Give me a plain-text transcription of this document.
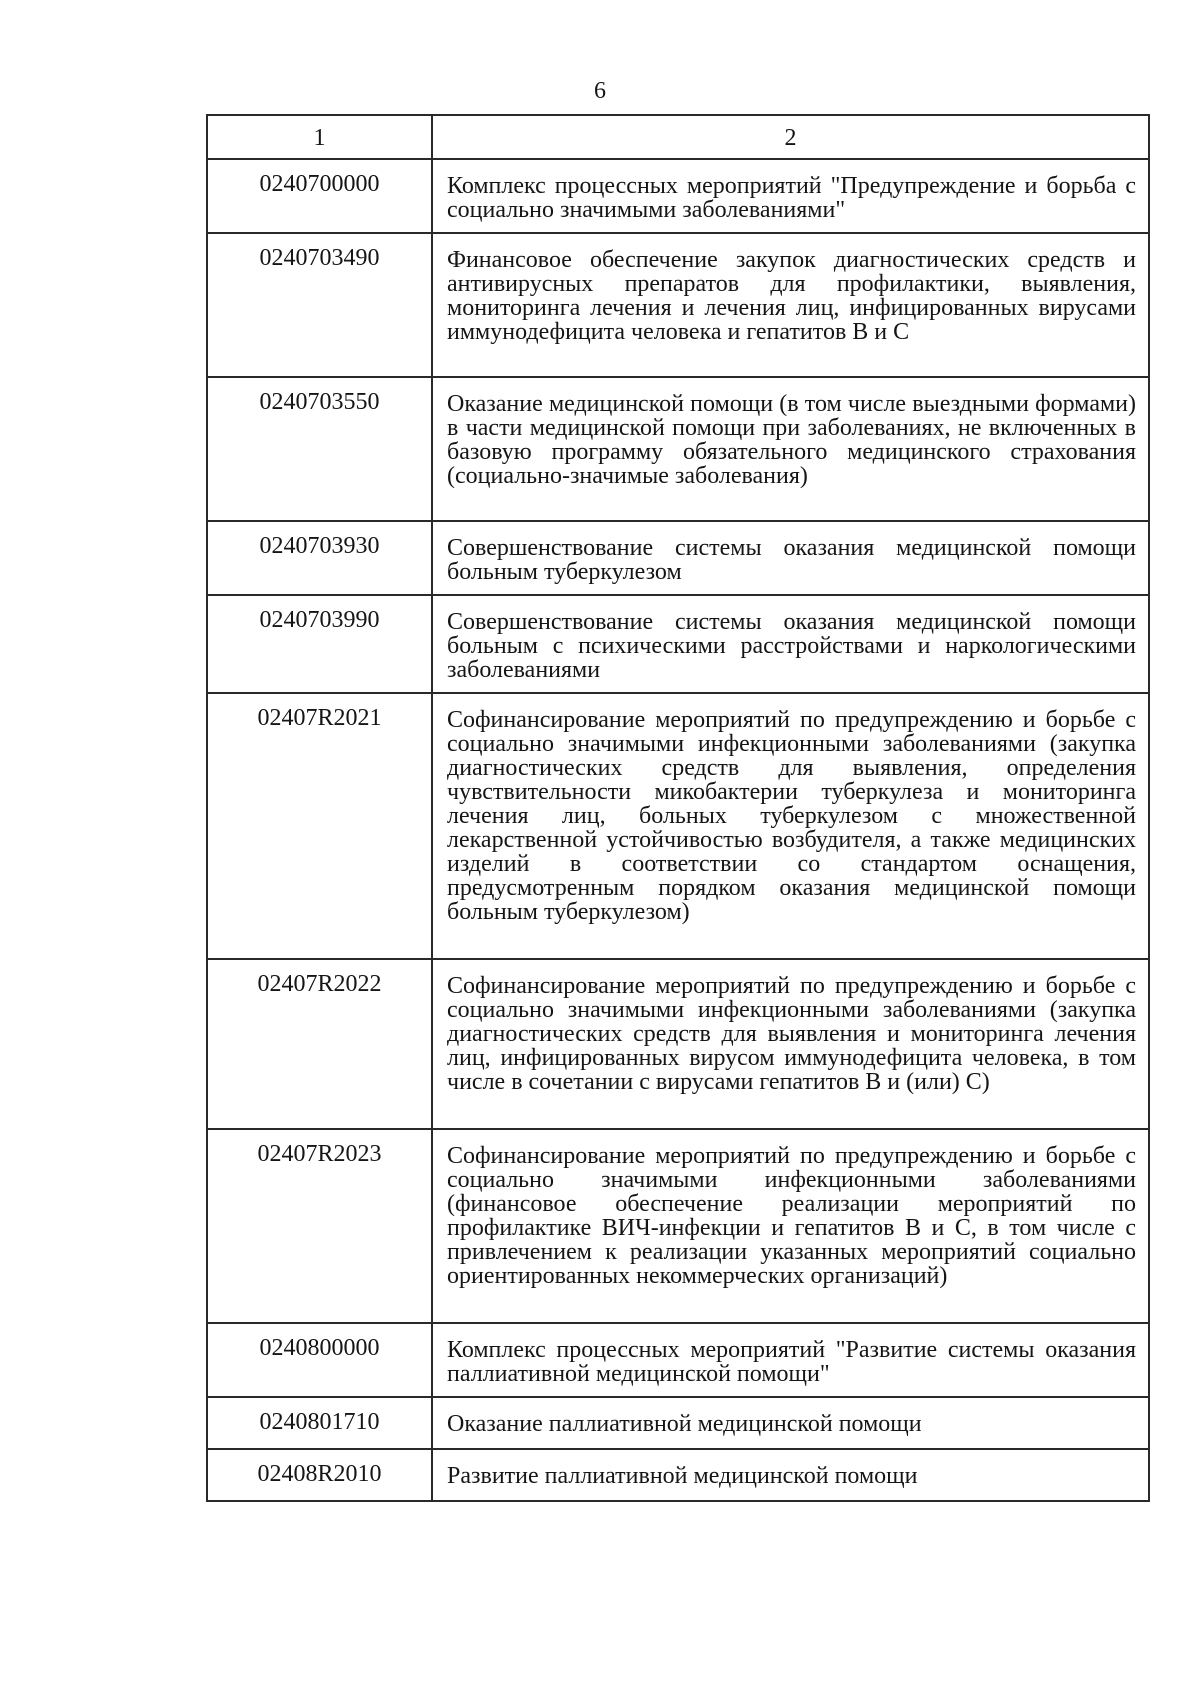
6
1	2
0240700000	Комплекс процессных мероприятий "Предупреждение и борьба с социально значимыми заболеваниями"
0240703490	Финансовое обеспечение закупок диагностических средств и антивирусных препаратов для профилактики, выявления, мониторинга лечения и лечения лиц, инфицированных вирусами иммунодефицита человека и гепатитов B и C
0240703550	Оказание медицинской помощи (в том числе выездными формами) в части медицинской помощи при заболеваниях, не включенных в базовую программу обязательного медицинского страхования (социально-значимые заболевания)
0240703930	Совершенствование системы оказания медицинской помощи больным туберкулезом
0240703990	Совершенствование системы оказания медицинской помощи больным с психическими расстройствами и наркологическими заболеваниями
02407R2021	Софинансирование мероприятий по предупреждению и борьбе с социально значимыми инфекционными заболеваниями (закупка диагностических средств для выявления, определения чувствительности микобактерии туберкулеза и мониторинга лечения лиц, больных туберкулезом с множественной лекарственной устойчивостью возбудителя, а также медицинских изделий в соответствии со стандартом оснащения, предусмотренным порядком оказания медицинской помощи больным туберкулезом)
02407R2022	Софинансирование мероприятий по предупреждению и борьбе с социально значимыми инфекционными заболеваниями (закупка диагностических средств для выявления и мониторинга лечения лиц, инфицированных вирусом иммунодефицита человека, в том числе в сочетании с вирусами гепатитов B и (или) C)
02407R2023	Софинансирование мероприятий по предупреждению и борьбе с социально значимыми инфекционными заболеваниями (финансовое обеспечение реализации мероприятий по профилактике ВИЧ-инфекции и гепатитов B и C, в том числе с привлечением к реализации указанных мероприятий социально ориентированных некоммерческих организаций)
0240800000	Комплекс процессных мероприятий "Развитие системы оказания паллиативной медицинской помощи"
0240801710	Оказание паллиативной медицинской помощи
02408R2010	Развитие паллиативной медицинской помощи
